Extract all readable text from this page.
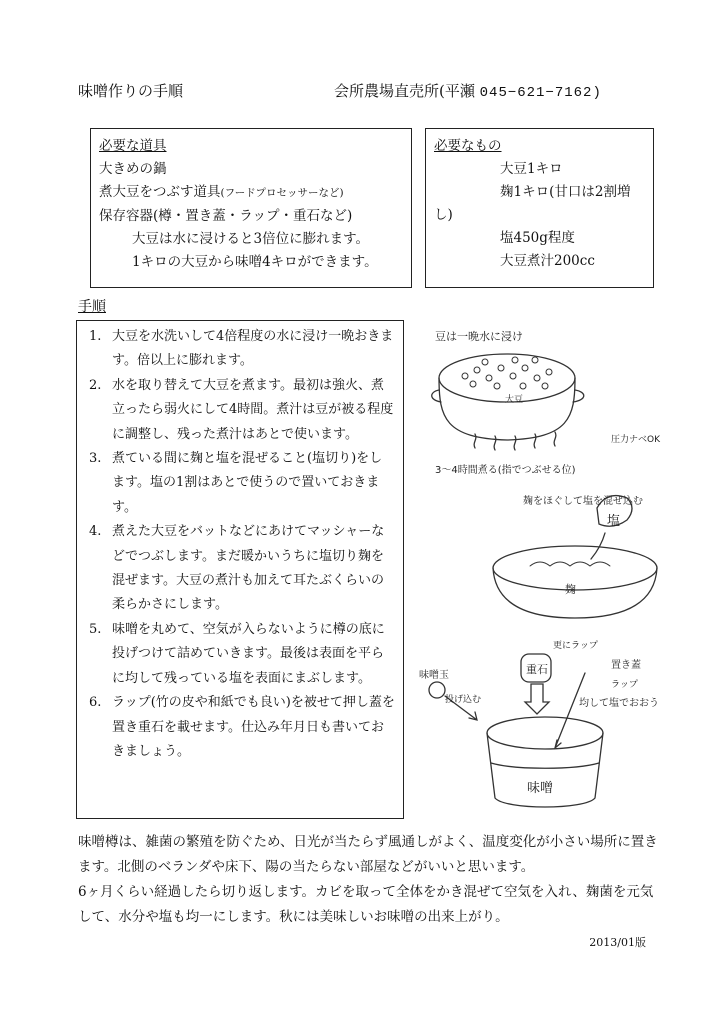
味噌作りの手順	会所農場直売所(平瀬 045−621−7162)
必要な道具
大きめの鍋
煮大豆をつぶす道具(フードプロセッサーなど)
保存容器(樽・置き蓋・ラップ・重石など)
大豆は水に浸けると3倍位に膨れます。
1キロの大豆から味噌4キロができます。
必要なもの
大豆1キロ
麹1キロ(甘口は2割増
し)
塩450g程度
大豆煮汁200cc
手順
1. 大豆を水洗いして4倍程度の水に浸け一晩おきます。倍以上に膨れます。
2. 水を取り替えて大豆を煮ます。最初は強火、煮立ったら弱火にして4時間。煮汁は豆が被る程度に調整し、残った煮汁はあとで使います。
3. 煮ている間に麹と塩を混ぜること(塩切り)をします。塩の1割はあとで使うので置いておきます。
4. 煮えた大豆をバットなどにあけてマッシャーなどでつぶします。まだ暖かいうちに塩切り麹を混ぜます。大豆の煮汁も加えて耳たぶくらいの柔らかさにします。
5. 味噌を丸めて、空気が入らないように樽の底に投げつけて詰めていきます。最後は表面を平らに均して残っている塩を表面にまぶします。
6. ラップ(竹の皮や和紙でも良い)を被せて押し蓋を置き重石を載せます。仕込み年月日も書いておきましょう。
豆は一晩水に浸け
大豆
圧力ナベOK
3〜4時間煮る(指でつぶせる位)
麹をほぐして塩を混ぜ込む
塩
麹
味噌玉
投げ込む
更にラップ
重石	置き蓋
ラップ
均して塩でおおう
味噌
味噌樽は、雑菌の繁殖を防ぐため、日光が当たらず風通しがよく、温度変化が小さい場所に置きます。北側のベランダや床下、陽の当たらない部屋などがいいと思います。
6ヶ月くらい経過したら切り返します。カビを取って全体をかき混ぜて空気を入れ、麹菌を元気して、水分や塩も均一にします。秋には美味しいお味噌の出来上がり。
2013/01版
